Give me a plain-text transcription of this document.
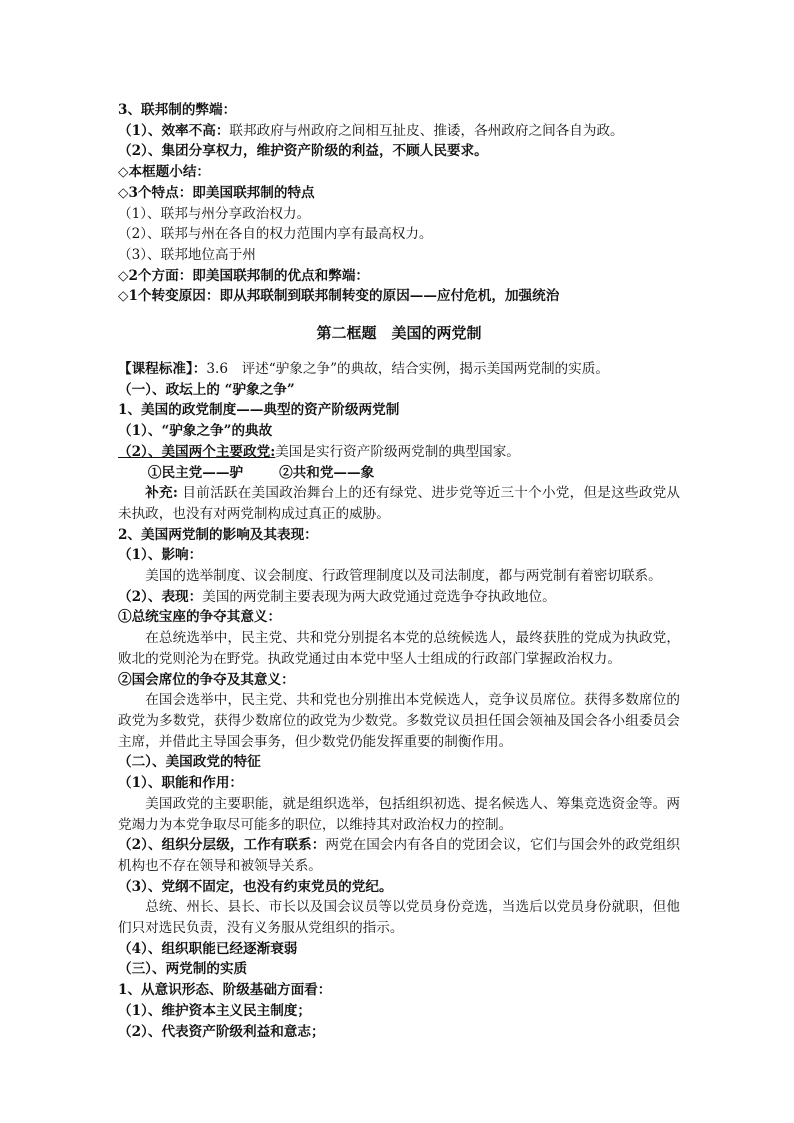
3、联邦制的弊端：

（1）、效率不高：联邦政府与州政府之间相互扯皮、推诿，各州政府之间各自为政。

（2）、集团分享权力，维护资产阶级的利益，不顾人民要求。

◇本框题小结：

◇3个特点：即美国联邦制的特点

（1）、联邦与州分享政治权力。

（2）、联邦与州在各自的权力范围内享有最高权力。

（3）、联邦地位高于州

◇2个方面：即美国联邦制的优点和弊端：

◇1个转变原因：即从邦联制到联邦制转变的原因——应付危机，加强统治

第二框题　美国的两党制

【课程标准】：3.6　评述“驴象之争”的典故，结合实例，揭示美国两党制的实质。

（一）、政坛上的 “驴象之争”

1、美国的政党制度——典型的资产阶级两党制

（1）、“驴象之争”的典故

（2）、美国两个主要政党:美国是实行资产阶级两党制的典型国家。

①民主党——驴	②共和党——象

补充: 目前活跃在美国政治舞台上的还有绿党、进步党等近三十个小党，但是这些政党从未执政，也没有对两党制构成过真正的威胁。

2、美国两党制的影响及其表现：

（1）、影响：

美国的选举制度、议会制度、行政管理制度以及司法制度，都与两党制有着密切联系。

（2）、表现：美国的两党制主要表现为两大政党通过竞选争夺执政地位。

①总统宝座的争夺其意义：

在总统选举中，民主党、共和党分别提名本党的总统候选人，最终获胜的党成为执政党，败北的党则沦为在野党。执政党通过由本党中坚人士组成的行政部门掌握政治权力。

②国会席位的争夺及其意义：

在国会选举中，民主党、共和党也分别推出本党候选人，竞争议员席位。获得多数席位的政党为多数党，获得少数席位的政党为少数党。多数党议员担任国会领袖及国会各小组委员会主席，并借此主导国会事务，但少数党仍能发挥重要的制衡作用。

（二）、美国政党的特征

（1）、职能和作用：

美国政党的主要职能，就是组织选举，包括组织初选、提名候选人、筹集竞选资金等。两党竭力为本党争取尽可能多的职位，以维持其对政治权力的控制。

（2）、组织分层级，工作有联系：两党在国会内有各自的党团会议，它们与国会外的政党组织机构也不存在领导和被领导关系。

（3）、党纲不固定，也没有约束党员的党纪。

总统、州长、县长、市长以及国会议员等以党员身份竞选，当选后以党员身份就职，但他们只对选民负责，没有义务服从党组织的指示。

（4）、组织职能已经逐渐衰弱

（三）、两党制的实质

1、从意识形态、阶级基础方面看：

（1）、维护资本主义民主制度；

（2）、代表资产阶级利益和意志；
